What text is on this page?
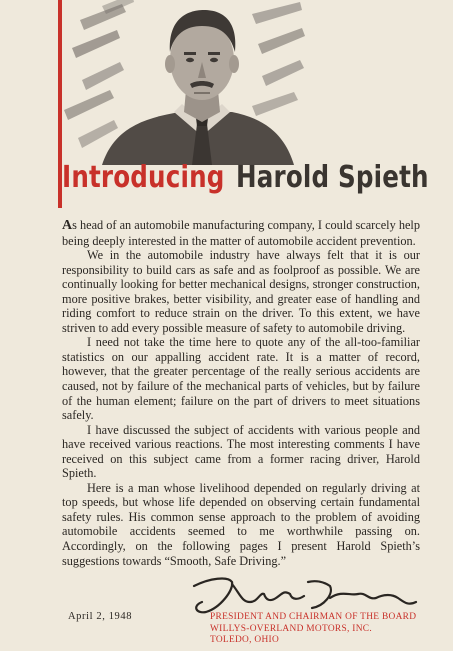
Introducing Harold Spieth

As head of an automobile manufacturing company, I could scarcely help being deeply interested in the matter of automobile accident prevention.

We in the automobile industry have always felt that it is our responsibility to build cars as safe and as foolproof as possible. We are continually looking for better mechanical designs, stronger construction, more positive brakes, better visibility, and greater ease of handling and riding comfort to reduce strain on the driver. To this extent, we have striven to add every possible measure of safety to automobile driving.

I need not take the time here to quote any of the all-too-familiar statistics on our appalling accident rate. It is a matter of record, however, that the greater percentage of the really serious accidents are caused, not by failure of the mechanical parts of vehicles, but by failure of the human element; failure on the part of drivers to meet situations safely.

I have discussed the subject of accidents with various people and have received various reactions. The most interesting comments I have received on this subject came from a former racing driver, Harold Spieth.

Here is a man whose livelihood depended on regularly driving at top speeds, but whose life depended on observing certain fundamental safety rules. His common sense approach to the problem of avoiding automobile accidents seemed to me worthwhile passing on. Accordingly, on the following pages I present Harold Spieth’s suggestions towards “Smooth, Safe Driving.”

April 2, 1948	PRESIDENT AND CHAIRMAN OF THE BOARD
WILLYS-OVERLAND MOTORS, INC.
TOLEDO, OHIO
